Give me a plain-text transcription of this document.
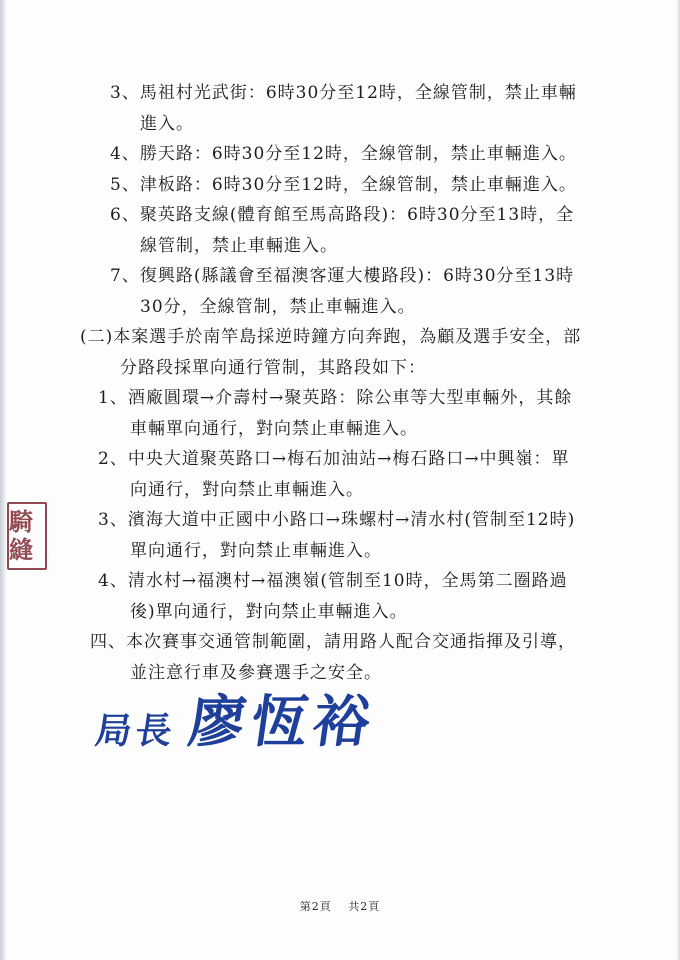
3、馬祖村光武街：6時30分至12時，全線管制，禁止車輛進入。
4、勝天路：6時30分至12時，全線管制，禁止車輛進入。
5、津板路：6時30分至12時，全線管制，禁止車輛進入。
6、聚英路支線(體育館至馬高路段)：6時30分至13時，全線管制，禁止車輛進入。
7、復興路(縣議會至福澳客運大樓路段)：6時30分至13時30分，全線管制，禁止車輛進入。
(二)本案選手於南竿島採逆時鐘方向奔跑，為顧及選手安全，部分路段採單向通行管制，其路段如下：
1、酒廠圓環→介壽村→聚英路：除公車等大型車輛外，其餘車輛單向通行，對向禁止車輛進入。
2、中央大道聚英路口→梅石加油站→梅石路口→中興嶺：單向通行，對向禁止車輛進入。
3、濱海大道中正國中小路口→珠螺村→清水村(管制至12時)單向通行，對向禁止車輛進入。
4、清水村→福澳村→福澳嶺(管制至10時，全馬第二圈路過後)單向通行，對向禁止車輛進入。
四、本次賽事交通管制範圍，請用路人配合交通指揮及引導，並注意行車及參賽選手之安全。
騎縫
局長 廖恆裕
第2頁 共2頁
